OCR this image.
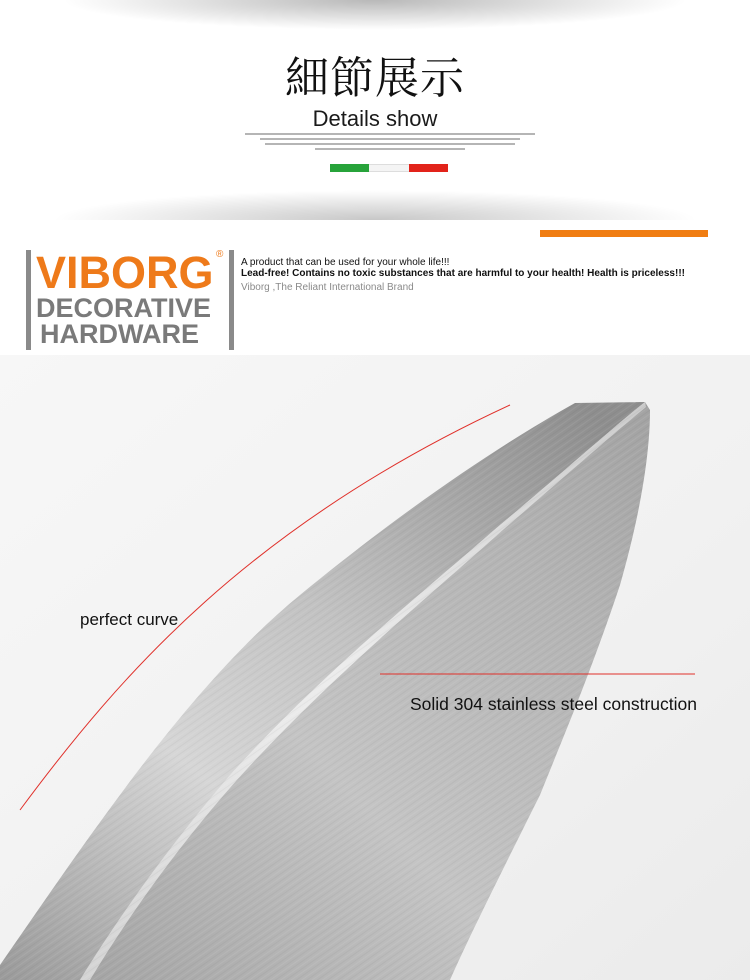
細節展示
Details show
VIBORG ®
DECORATIVE
HARDWARE
A product that can be used for your whole life!!!
Lead-free! Contains no toxic substances that are harmful to your health! Health is priceless!!!
Viborg ,The Reliant International Brand
perfect curve
Solid 304 stainless steel construction
